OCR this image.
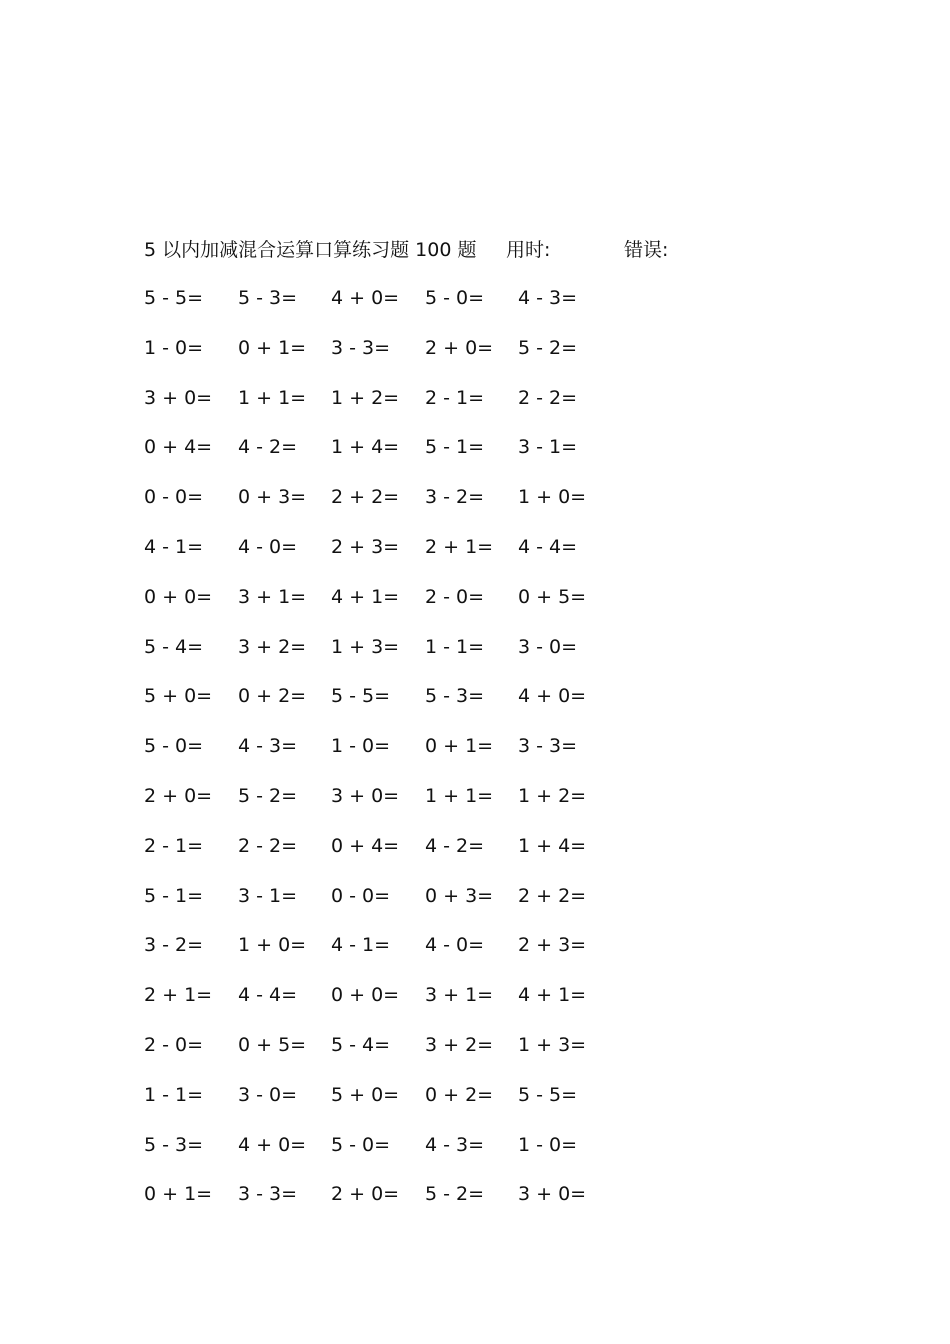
5 以内加减混合运算口算练习题 100 题 用时:	错误:
5 - 5= 5 - 3= 4 + 0= 5 - 0= 4 - 3=
1 - 0= 0 + 1= 3 - 3= 2 + 0= 5 - 2=
3 + 0= 1 + 1= 1 + 2= 2 - 1= 2 - 2=
0 + 4= 4 - 2= 1 + 4= 5 - 1= 3 - 1=
0 - 0= 0 + 3= 2 + 2= 3 - 2= 1 + 0=
4 - 1= 4 - 0= 2 + 3= 2 + 1= 4 - 4=
0 + 0= 3 + 1= 4 + 1= 2 - 0= 0 + 5=
5 - 4= 3 + 2= 1 + 3= 1 - 1= 3 - 0=
5 + 0= 0 + 2= 5 - 5= 5 - 3= 4 + 0=
5 - 0= 4 - 3= 1 - 0= 0 + 1= 3 - 3=
2 + 0= 5 - 2= 3 + 0= 1 + 1= 1 + 2=
2 - 1= 2 - 2= 0 + 4= 4 - 2= 1 + 4=
5 - 1= 3 - 1= 0 - 0= 0 + 3= 2 + 2=
3 - 2= 1 + 0= 4 - 1= 4 - 0= 2 + 3=
2 + 1= 4 - 4= 0 + 0= 3 + 1= 4 + 1=
2 - 0= 0 + 5= 5 - 4= 3 + 2= 1 + 3=
1 - 1= 3 - 0= 5 + 0= 0 + 2= 5 - 5=
5 - 3= 4 + 0= 5 - 0= 4 - 3= 1 - 0=
0 + 1= 3 - 3= 2 + 0= 5 - 2= 3 + 0=
